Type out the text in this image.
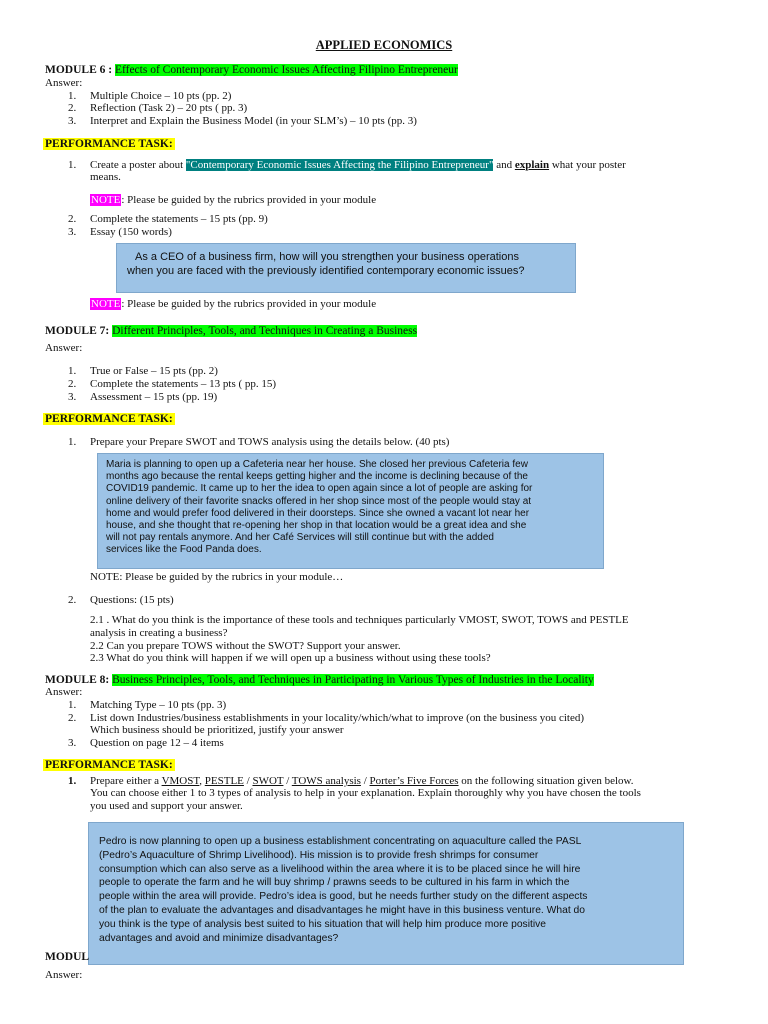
APPLIED ECONOMICS
MODULE 6 : Effects of Contemporary Economic Issues Affecting Filipino Entrepreneur
Answer:
1. Multiple Choice – 10 pts (pp. 2)
2. Reflection (Task 2) – 20 pts ( pp. 3)
3. Interpret and Explain the Business Model (in your SLM’s) – 10 pts (pp. 3)
PERFORMANCE TASK:
1. Create a poster about "Contemporary Economic Issues Affecting the Filipino Entrepreneur" and explain what your poster
means.
NOTE: Please be guided by the rubrics provided in your module
2. Complete the statements – 15 pts (pp. 9)
3. Essay (150 words)

As a CEO of a business firm, how will you strengthen your business operations

when you are faced with the previously identified contemporary economic issues?

NOTE: Please be guided by the rubrics provided in your module
MODULE 7: Different Principles, Tools, and Techniques in Creating a Business
Answer:
1. True or False – 15 pts (pp. 2)
2. Complete the statements – 13 pts ( pp. 15)
3. Assessment – 15 pts (pp. 19)
PERFORMANCE TASK:
1. Prepare your Prepare SWOT and TOWS analysis using the details below. (40 pts)

Maria is planning to open up a Cafeteria near her house. She closed her previous Cafeteria few

months ago because the rental keeps getting higher and the income is declining because of the

COVID19 pandemic. It came up to her the idea to open again since a lot of people are asking for

online delivery of their favorite snacks offered in her shop since most of the people would stay at

home and would prefer food delivered in their doorsteps. Since she owned a vacant lot near her

house, and she thought that re-opening her shop in that location would be a great idea and she

will not pay rentals anymore. And her Café Services will still continue but with the added

services like the Food Panda does.

NOTE: Please be guided by the rubrics in your module…
2. Questions: (15 pts)
2.1 . What do you think is the importance of these tools and techniques particularly VMOST, SWOT, TOWS and PESTLE
analysis in creating a business?
2.2 Can you prepare TOWS without the SWOT? Support your answer.
2.3 What do you think will happen if we will open up a business without using these tools?
MODULE 8: Business Principles, Tools, and Techniques in Participating in Various Types of Industries in the Locality
Answer:
1. Matching Type – 10 pts (pp. 3)
2. List down Industries/business establishments in your locality/which/what to improve (on the business you cited)
Which business should be prioritized, justify your answer
3. Question on page 12 – 4 items
PERFORMANCE TASK:
1. Prepare either a VMOST, PESTLE / SWOT / TOWS analysis / Porter’s Five Forces on the following situation given below.
You can choose either 1 to 3 types of analysis to help in your explanation. Explain thoroughly why you have chosen the tools
you used and support your answer.

Pedro is now planning to open up a business establishment concentrating on aquaculture called the PASL

(Pedro’s Aquaculture of Shrimp Livelihood). His mission is to provide fresh shrimps for consumer

consumption which can also serve as a livelihood within the area where it is to be placed since he will hire

people to operate the farm and he will buy shrimp / prawns seeds to be cultured in his farm in which the

people within the area will provide. Pedro’s idea is good, but he needs further study on the different aspects

of the plan to evaluate the advantages and disadvantages he might have in this business venture. What do

you think is the type of analysis best suited to his situation that will help him produce more positive

advantages and avoid and minimize disadvantages?

MODUL
Answer:
